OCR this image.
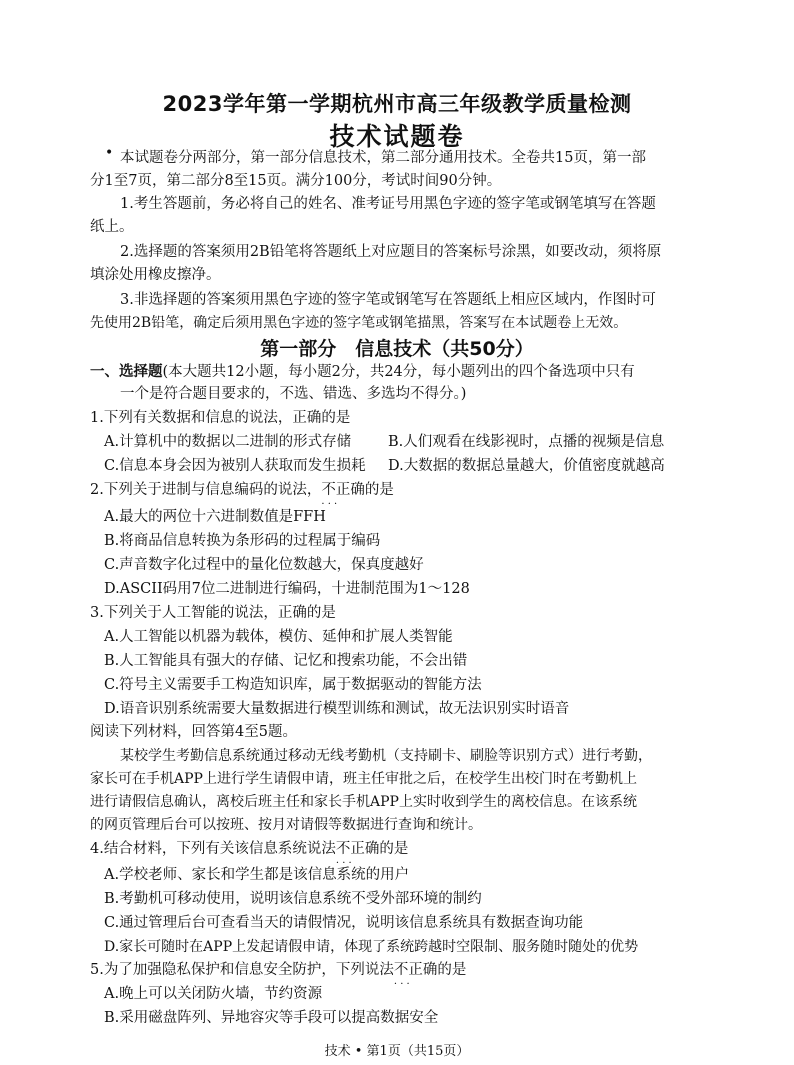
2023学年第一学期杭州市高三年级教学质量检测
技术试题卷
• 本试题卷分两部分，第一部分信息技术，第二部分通用技术。全卷共15页，第一部
分1至7页，第二部分8至15页。满分100分，考试时间90分钟。
1.考生答题前，务必将自己的姓名、准考证号用黑色字迹的签字笔或钢笔填写在答题
纸上。
2.选择题的答案须用2B铅笔将答题纸上对应题目的答案标号涂黑，如要改动，须将原
填涂处用橡皮擦净。
3.非选择题的答案须用黑色字迹的签字笔或钢笔写在答题纸上相应区域内，作图时可
先使用2B铅笔，确定后须用黑色字迹的签字笔或钢笔描黑，答案写在本试题卷上无效。
第一部分　信息技术（共50分）
一、选择题(本大题共12小题，每小题2分，共24分，每小题列出的四个备选项中只有
一个是符合题目要求的，不选、错选、多选均不得分。)
1.下列有关数据和信息的说法，正确的是
A.计算机中的数据以二进制的形式存储	B.人们观看在线影视时，点播的视频是信息
C.信息本身会因为被别人获取而发生损耗 D.大数据的数据总量越大，价值密度就越高
2.下列关于进制与信息编码的说法，不正确 · · ·的是
A.最大的两位十六进制数值是FFH
B.将商品信息转换为条形码的过程属于编码
C.声音数字化过程中的量化位数越大，保真度越好
D.ASCII码用7位二进制进行编码，十进制范围为1～128
3.下列关于人工智能的说法，正确的是
A.人工智能以机器为载体，模仿、延伸和扩展人类智能
B.人工智能具有强大的存储、记忆和搜索功能，不会出错
C.符号主义需要手工构造知识库，属于数据驱动的智能方法
D.语音识别系统需要大量数据进行模型训练和测试，故无法识别实时语音
阅读下列材料，回答第4至5题。
某校学生考勤信息系统通过移动无线考勤机（支持刷卡、刷脸等识别方式）进行考勤，
家长可在手机APP上进行学生请假申请，班主任审批之后，在校学生出校门时在考勤机上
进行请假信息确认，离校后班主任和家长手机APP上实时收到学生的离校信息。在该系统
的网页管理后台可以按班、按月对请假等数据进行查询和统计。
4.结合材料，下列有关该信息系统说法不正确 · · ·的是
A.学校老师、家长和学生都是该信息系统的用户
B.考勤机可移动使用，说明该信息系统不受外部环境的制约
C.通过管理后台可查看当天的请假情况，说明该信息系统具有数据查询功能
D.家长可随时在APP上发起请假申请，体现了系统跨越时空限制、服务随时随处的优势
5.为了加强隐私保护和信息安全防护，下列说法不正确 · · ·的是
A.晚上可以关闭防火墙，节约资源
B.采用磁盘阵列、异地容灾等手段可以提高数据安全
技术 • 第1页（共15页）
